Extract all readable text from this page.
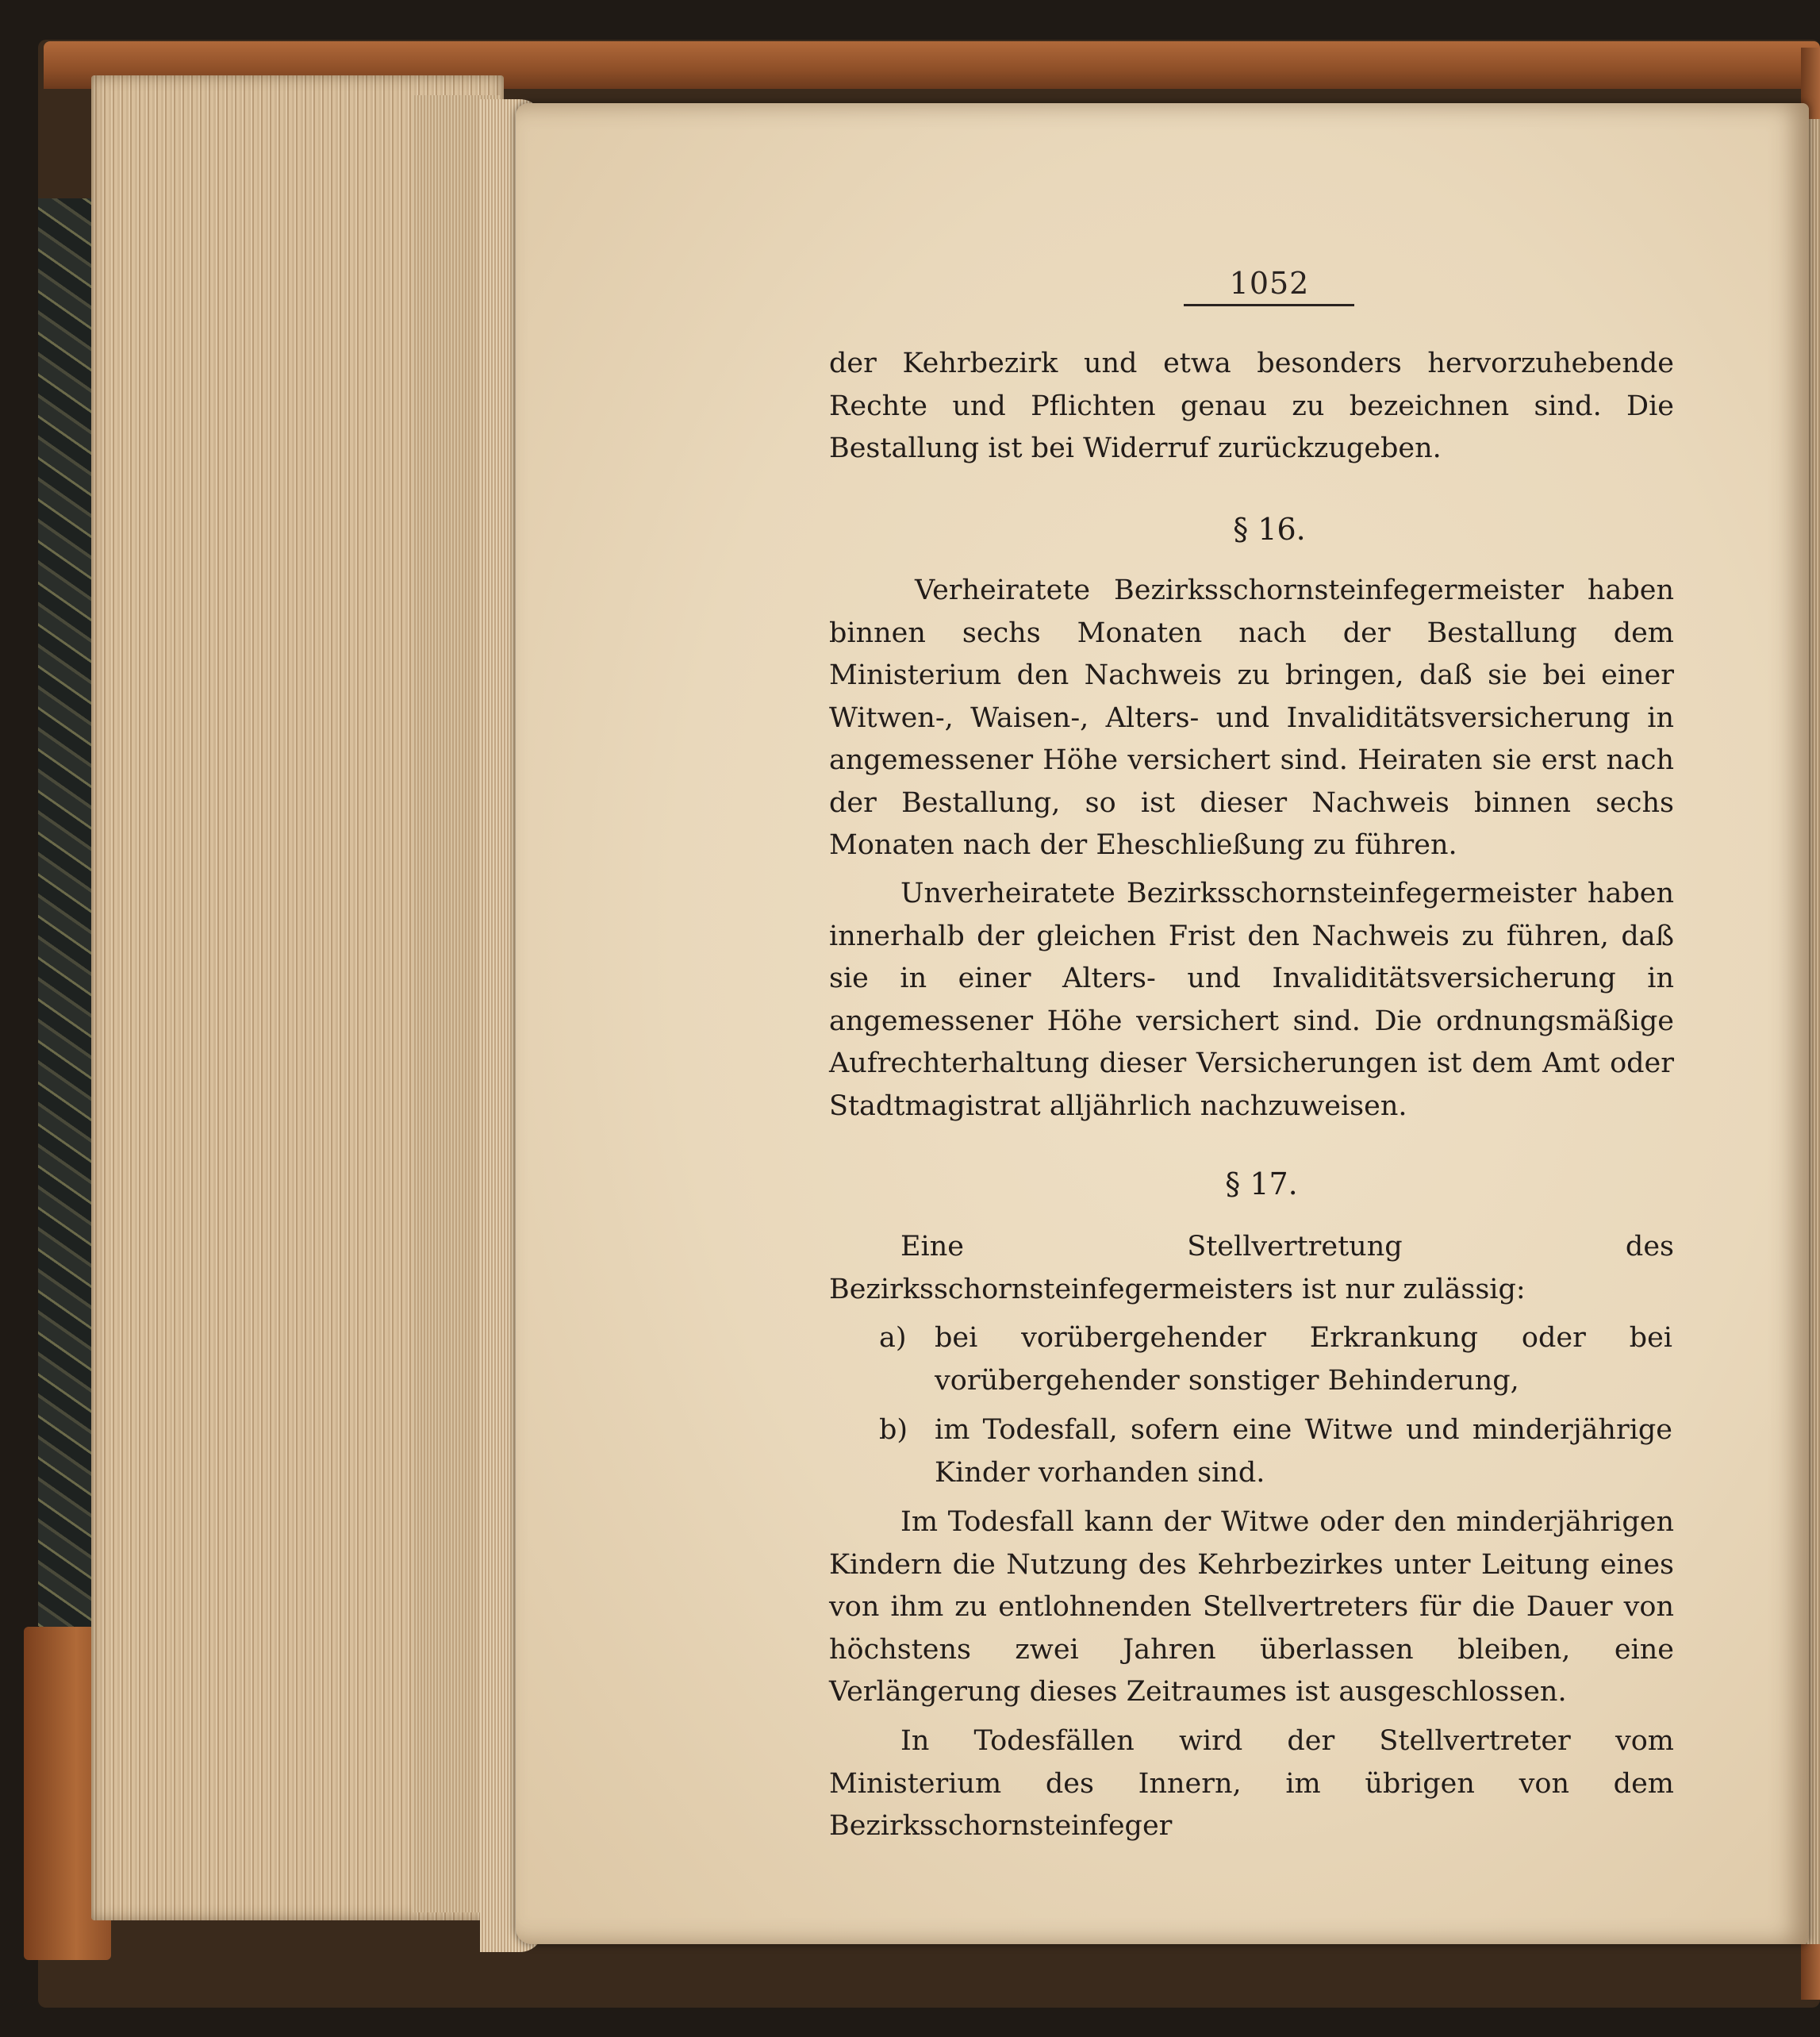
1052

der Kehrbezirk und etwa besonders hervorzuhebende Rechte und Pflichten genau zu bezeichnen sind. Die Bestallung ist bei Widerruf zurückzugeben.

§ 16.

Verheiratete Bezirksschornsteinfegermeister haben binnen sechs Monaten nach der Bestallung dem Ministerium den Nachweis zu bringen, daß sie bei einer Witwen-, Waisen-, Alters- und Invaliditätsversicherung in angemessener Höhe versichert sind. Heiraten sie erst nach der Bestallung, so ist dieser Nachweis binnen sechs Monaten nach der Eheschließung zu führen.

Unverheiratete Bezirksschornsteinfegermeister haben innerhalb der gleichen Frist den Nachweis zu führen, daß sie in einer Alters- und Invaliditätsversicherung in angemessener Höhe versichert sind. Die ordnungsmäßige Aufrechterhaltung dieser Versicherungen ist dem Amt oder Stadtmagistrat alljährlich nachzuweisen.

§ 17.

Eine Stellvertretung des Bezirksschornsteinfegermeisters ist nur zulässig:

a)	bei vorübergehender Erkrankung oder bei vorübergehender sonstiger Behinderung,
b) im Todesfall, sofern eine Witwe und minderjährige Kinder vorhanden sind.

Im Todesfall kann der Witwe oder den minderjährigen Kindern die Nutzung des Kehrbezirkes unter Leitung eines von ihm zu entlohnenden Stellvertreters für die Dauer von höchstens zwei Jahren überlassen bleiben, eine Verlängerung dieses Zeitraumes ist ausgeschlossen.

In Todesfällen wird der Stellvertreter vom Ministerium des Innern, im übrigen von dem Bezirksschornsteinfeger
